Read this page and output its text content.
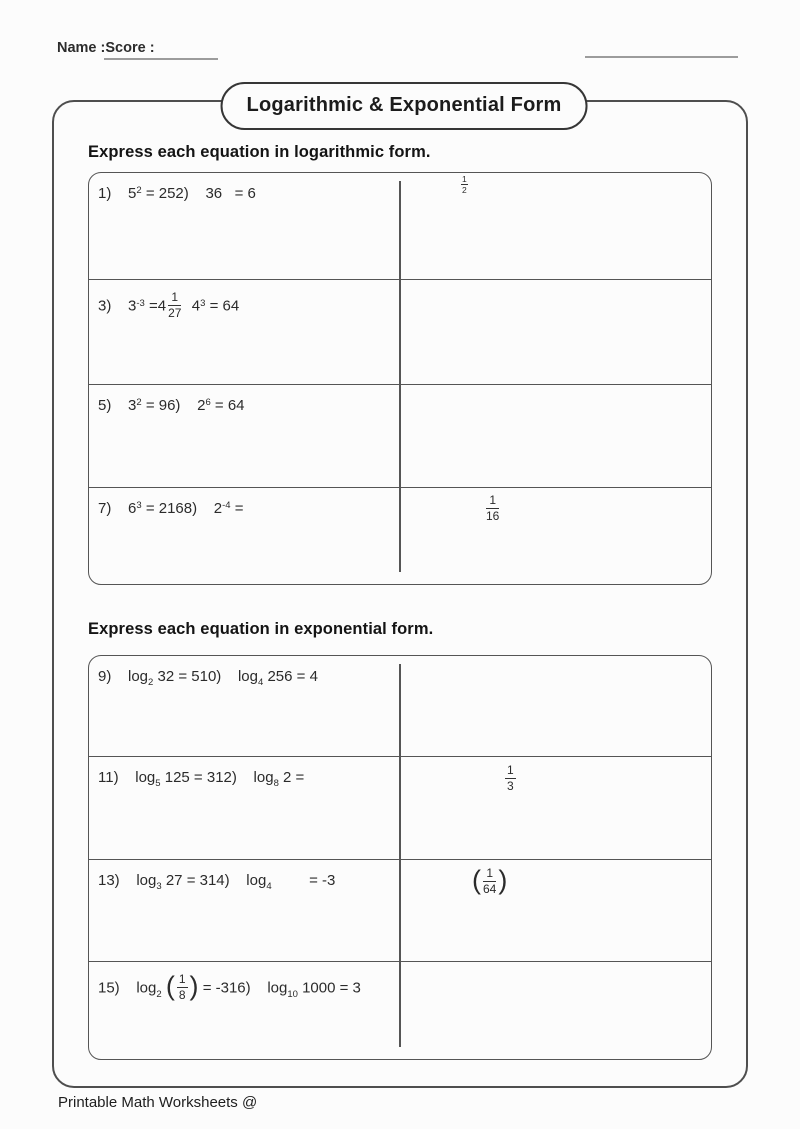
Name :Score :
Logarithmic & Exponential Form
Express each equation in logarithmic form.
1)    $5^2 = 252$)    36   = 6	$\frac{1}{2}$
3)    $3^{-3} =4 \frac{1}{27} 4^3 = 64$
5)    $3^2 = 96$)    $2^6 = 64$
7)    $6^3 = 2168$)    $2^{-4}$ =	$\frac{1}{16}$
Express each equation in exponential form.
9)    $\log_2 32 = 510$)    $\log_4 256 = 4$
11)    $\log_5 125 = 312$)    $\log_8 2$ =	$\frac{1}{3}$
13)    $\log_3 27 = 314$)    $\log_4$         = -3	( $\frac{1}{64}$ )
15)    $\log_2$ ( $\frac{1}{8}$ ) = -316)    $\log_{10} 1000 = 3$
Printable Math Worksheets @
